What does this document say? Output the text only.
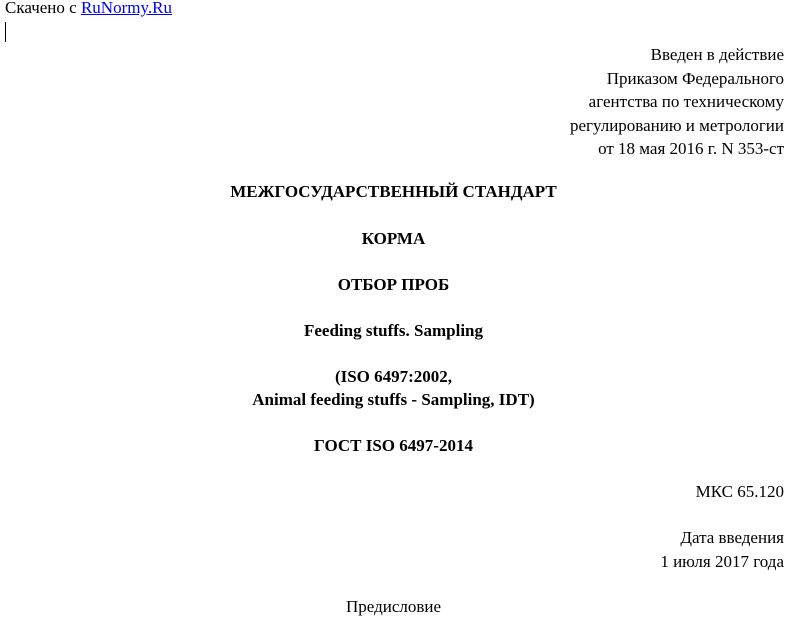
Скачено с RuNormy.Ru
Введен в действие
Приказом Федерального
агентства по техническому
регулированию и метрологии
от 18 мая 2016 г. N 353-ст
МЕЖГОСУДАРСТВЕННЫЙ СТАНДАРТ
КОРМА
ОТБОР ПРОБ
Feeding stuffs. Sampling
(ISO 6497:2002,
Animal feeding stuffs - Sampling, IDT)
ГОСТ ISO 6497-2014
МКС 65.120
Дата введения
1 июля 2017 года
Предисловие
